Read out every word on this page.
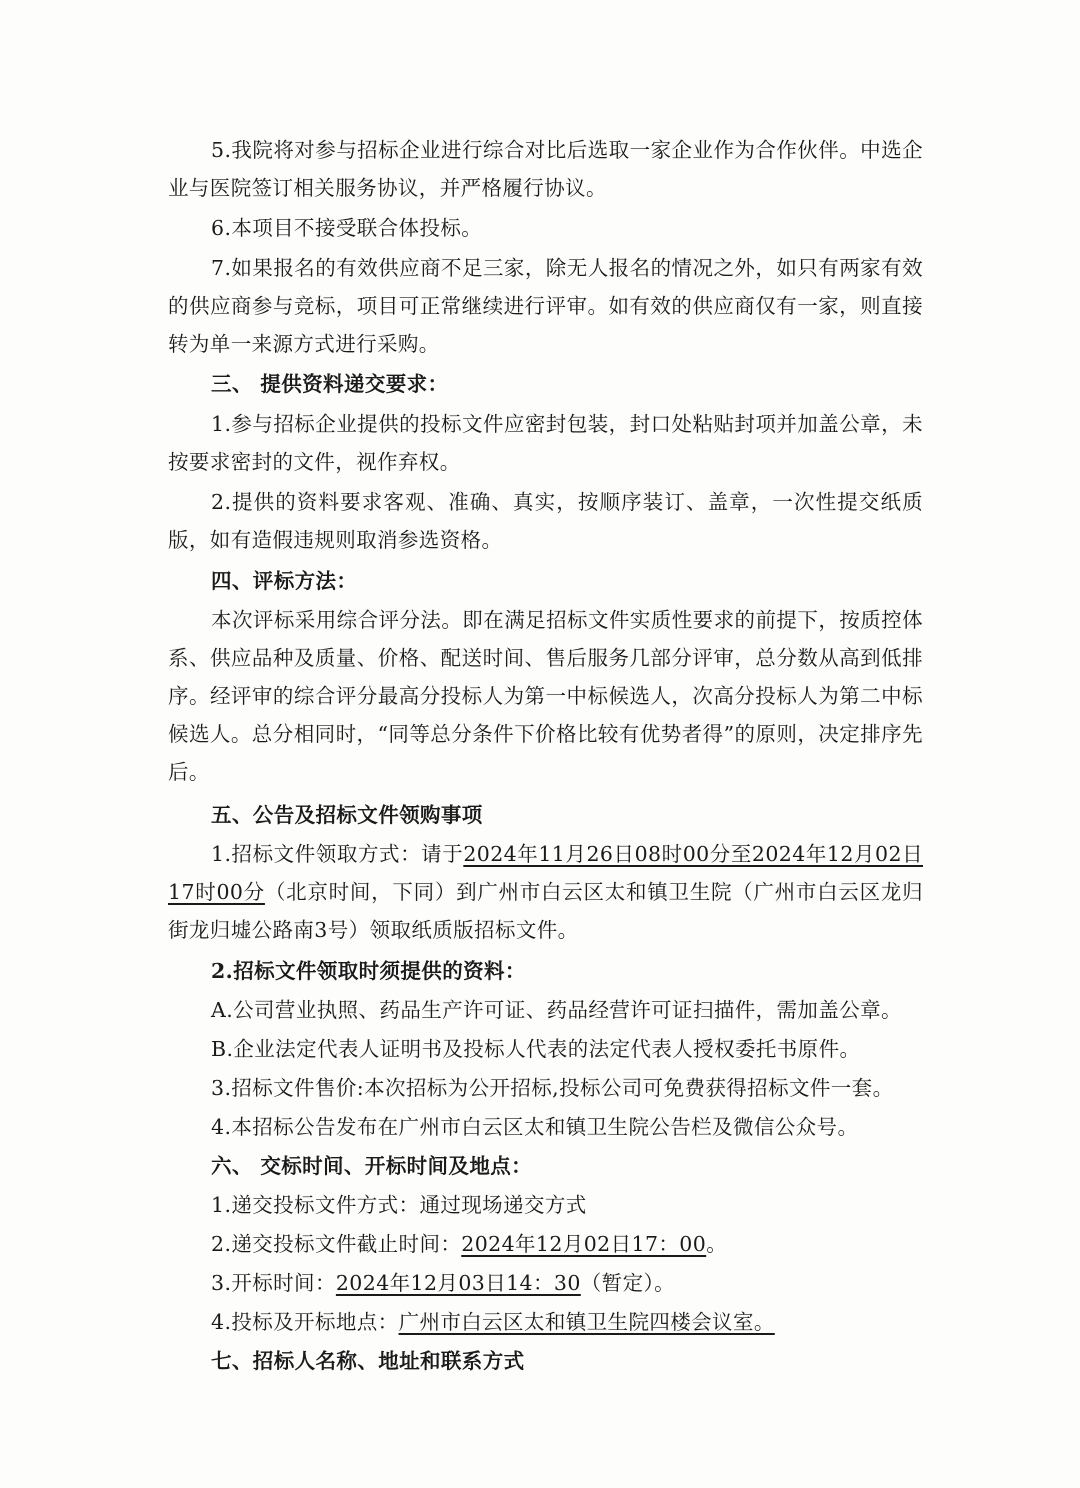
5.我院将对参与招标企业进行综合对比后选取一家企业作为合作伙伴。中选企业与医院签订相关服务协议，并严格履行协议。

6.本项目不接受联合体投标。

7.如果报名的有效供应商不足三家，除无人报名的情况之外，如只有两家有效的供应商参与竞标，项目可正常继续进行评审。如有效的供应商仅有一家，则直接转为单一来源方式进行采购。

三、 提供资料递交要求：

1.参与招标企业提供的投标文件应密封包装，封口处粘贴封项并加盖公章，未按要求密封的文件，视作弃权。

2.提供的资料要求客观、准确、真实，按顺序装订、盖章，一次性提交纸质版，如有造假违规则取消参选资格。

四、评标方法：

本次评标采用综合评分法。即在满足招标文件实质性要求的前提下，按质控体系、供应品种及质量、价格、配送时间、售后服务几部分评审，总分数从高到低排序。经评审的综合评分最高分投标人为第一中标候选人，次高分投标人为第二中标候选人。总分相同时，“同等总分条件下价格比较有优势者得”的原则，决定排序先后。

五、公告及招标文件领购事项

1.招标文件领取方式：请于2024年11月26日08时00分至2024年12月02日17时00分（北京时间，下同）到广州市白云区太和镇卫生院（广州市白云区龙归街龙归墟公路南3号）领取纸质版招标文件。

2.招标文件领取时须提供的资料：

A.公司营业执照、药品生产许可证、药品经营许可证扫描件，需加盖公章。

B.企业法定代表人证明书及投标人代表的法定代表人授权委托书原件。

3.招标文件售价:本次招标为公开招标,投标公司可免费获得招标文件一套。

4.本招标公告发布在广州市白云区太和镇卫生院公告栏及微信公众号。

六、 交标时间、开标时间及地点：

1.递交投标文件方式：通过现场递交方式

2.递交投标文件截止时间：2024年12月02日17：00。

3.开标时间：2024年12月03日14：30（暂定）。

4.投标及开标地点：广州市白云区太和镇卫生院四楼会议室。

七、招标人名称、地址和联系方式
